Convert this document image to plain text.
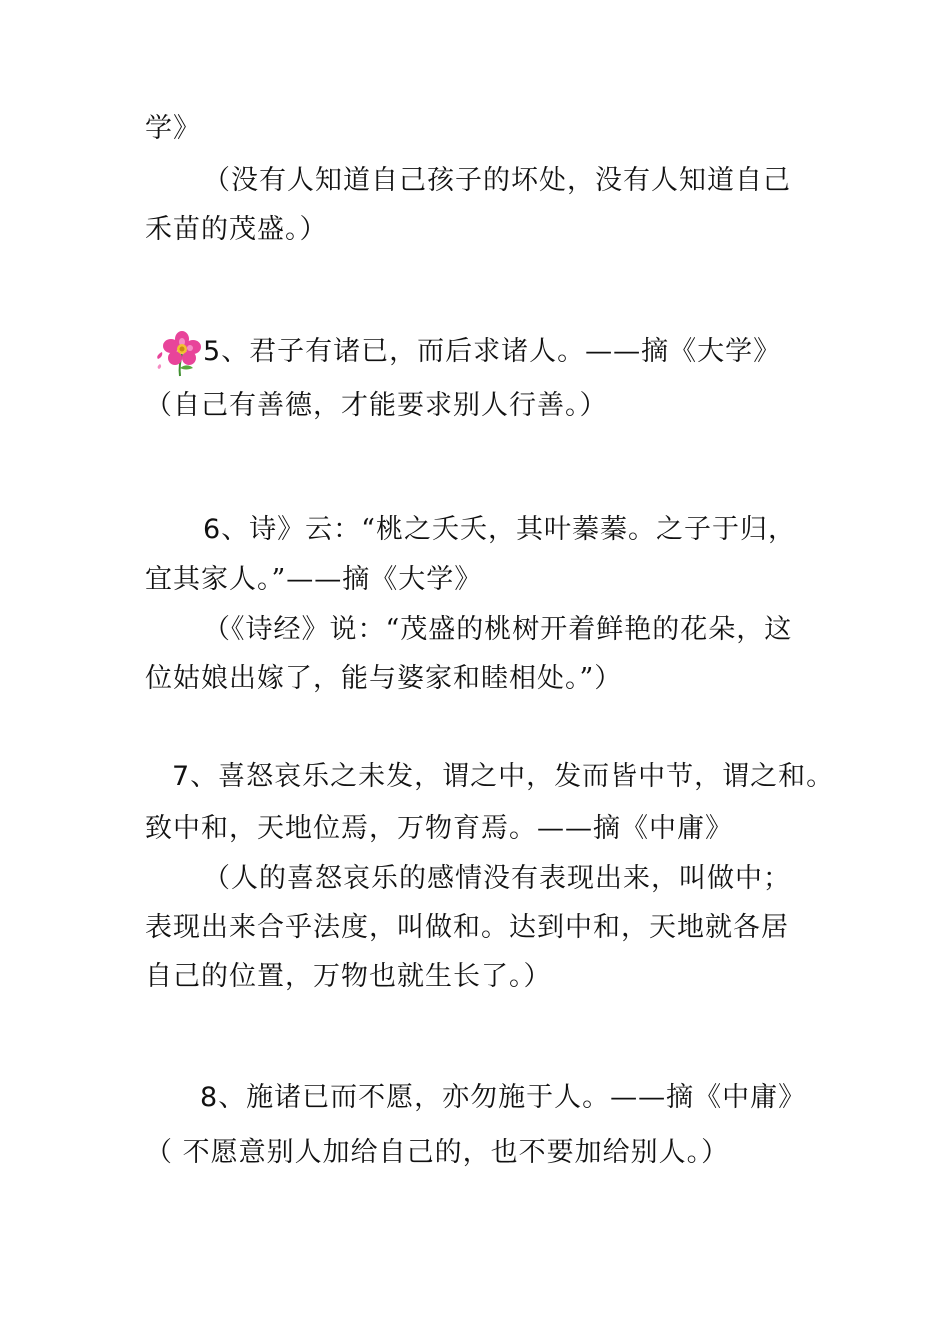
学》
（没有人知道自己孩子的坏处，没有人知道自己
禾苗的茂盛。）
5、君子有诸已，而后求诸人。——摘《大学》
（自己有善德，才能要求别人行善。）
6、诗》云：“桃之夭夭，其叶蓁蓁。之子于归，
宜其家人。”——摘《大学》
（《诗经》说：“茂盛的桃树开着鲜艳的花朵，这
位姑娘出嫁了，能与婆家和睦相处。”）
7、喜怒哀乐之未发，谓之中，发而皆中节，谓之和。
致中和，天地位焉，万物育焉。——摘《中庸》
（人的喜怒哀乐的感情没有表现出来，叫做中；
表现出来合乎法度，叫做和。达到中和，天地就各居
自己的位置，万物也就生长了。）
8、施诸已而不愿，亦勿施于人。——摘《中庸》
（ 不愿意别人加给自己的，也不要加给别人。）
